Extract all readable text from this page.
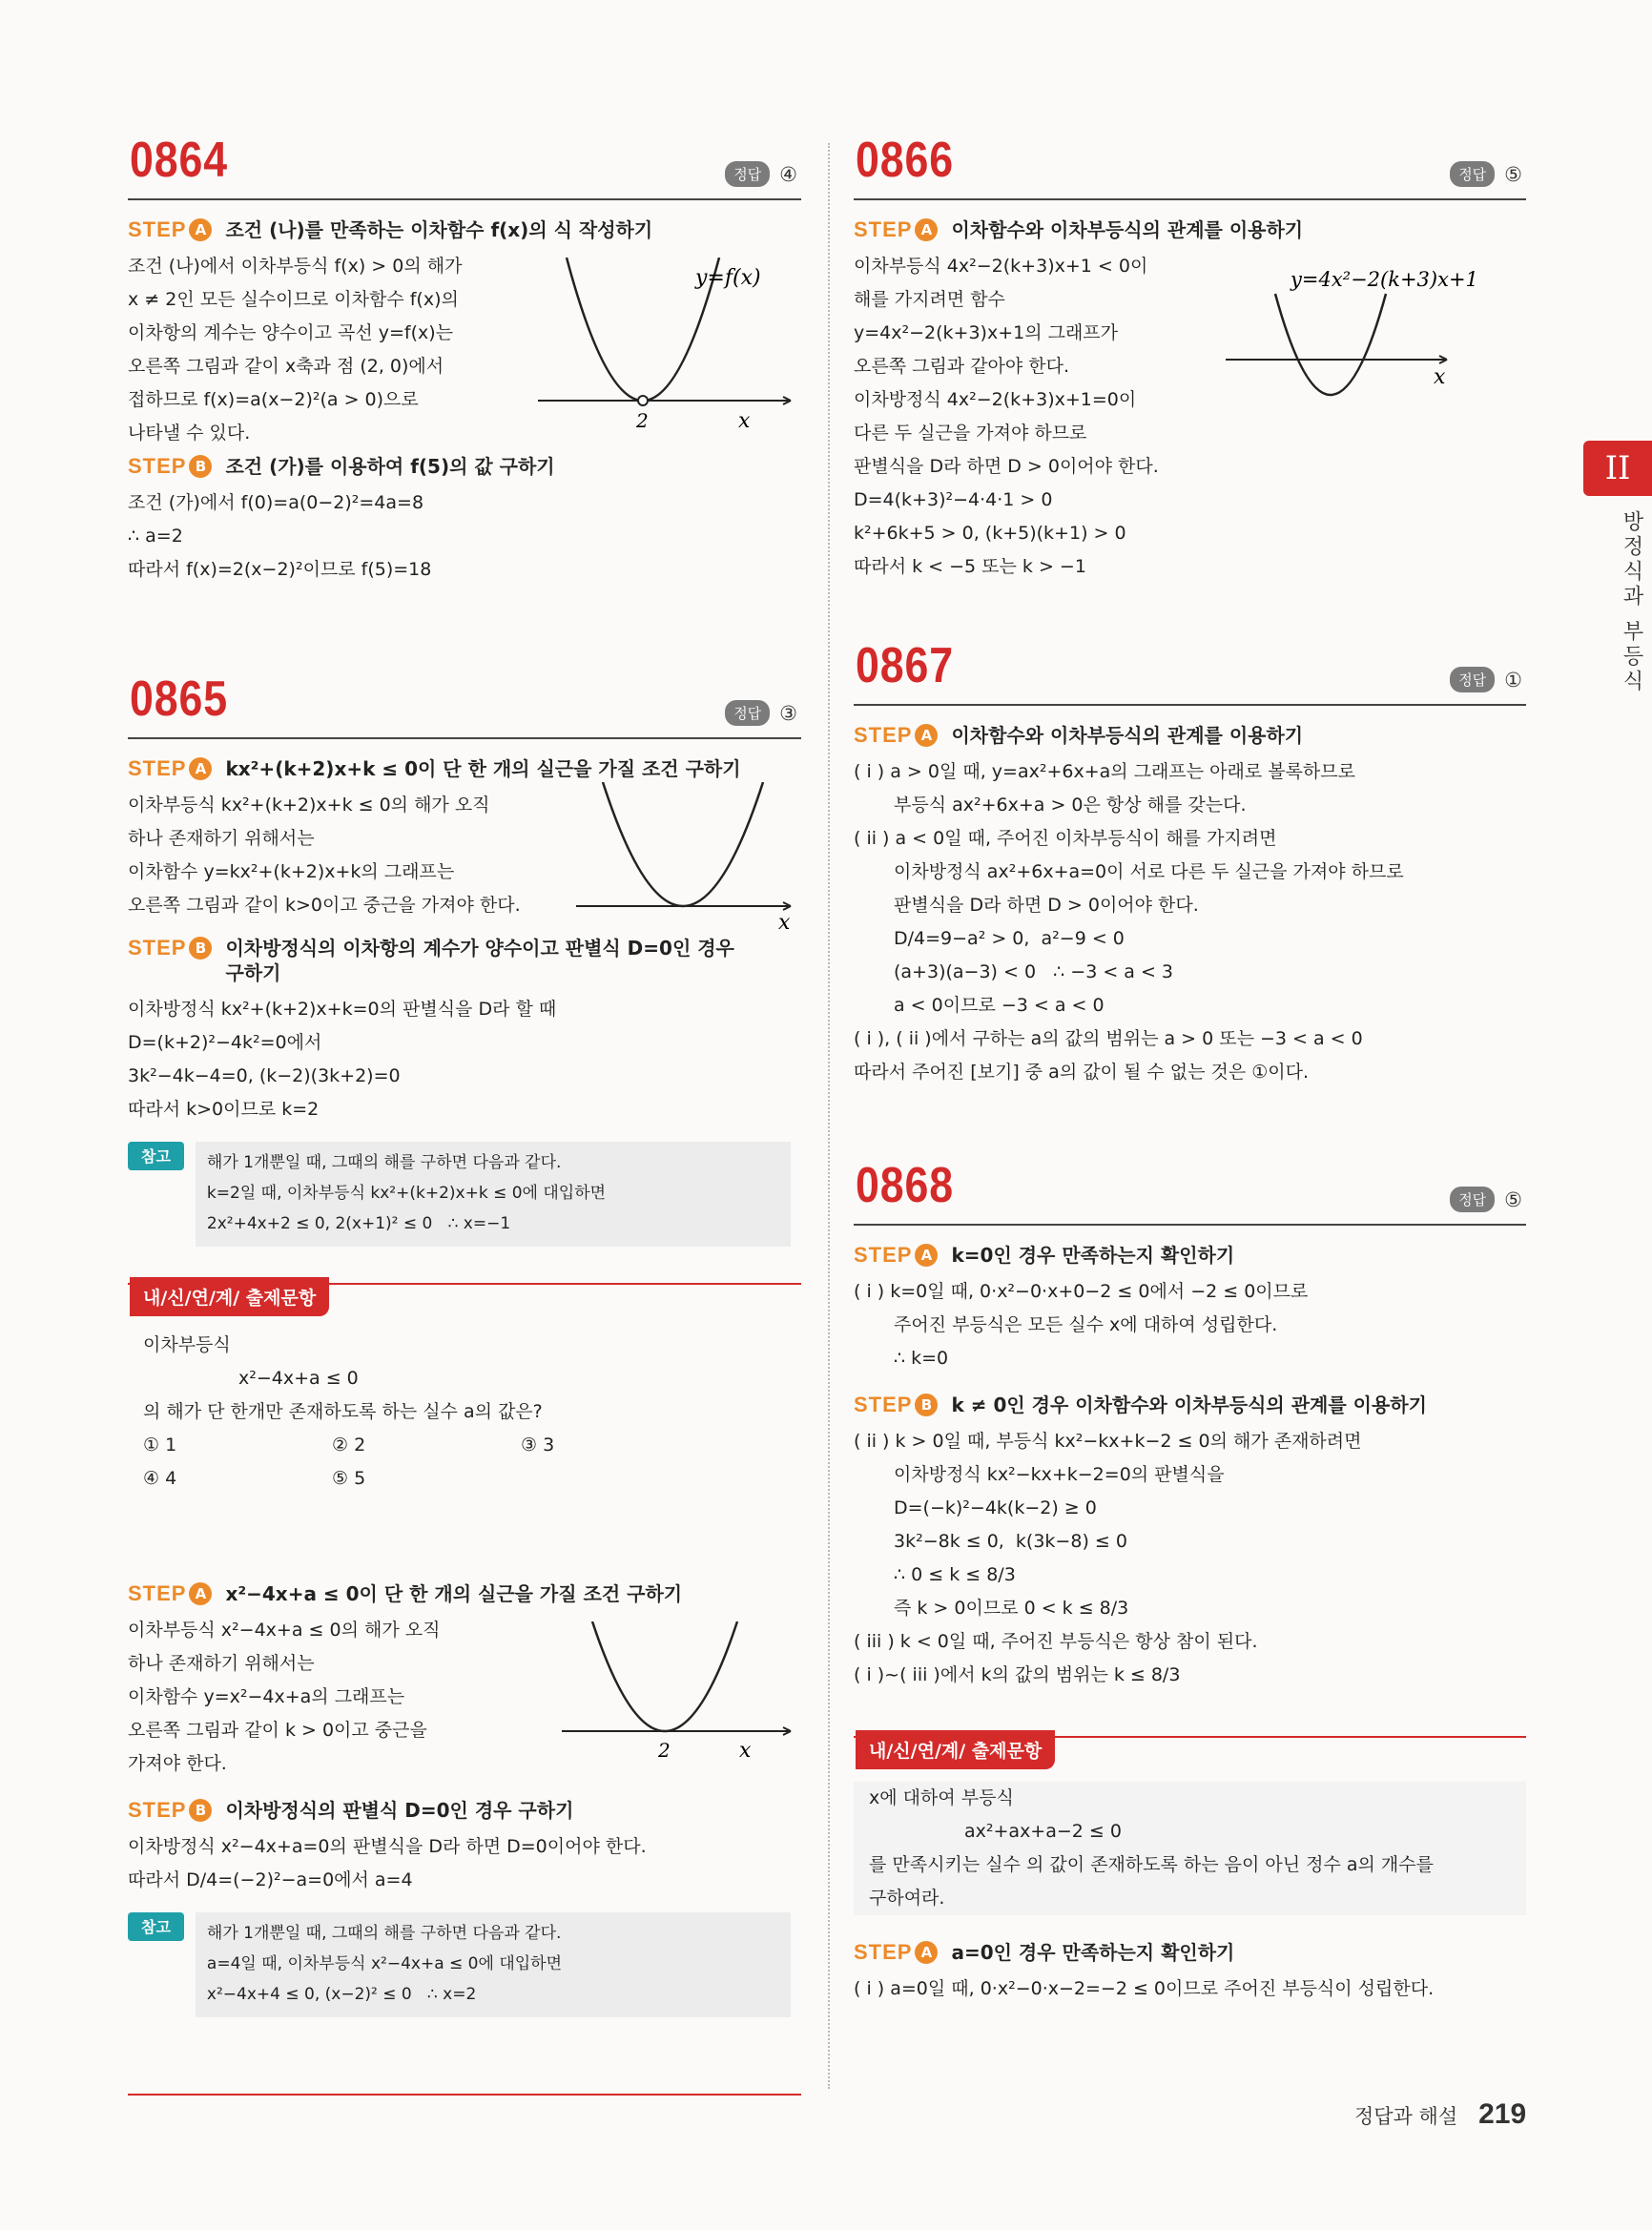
II
방정식과 부등식
0864	정답 ④
STEP A	조건 (나)를 만족하는 이차함수 f(x)의 식 작성하기

조건 (나)에서 이차부등식 f(x) > 0의 해가

x ≠ 2인 모든 실수이므로 이차함수 f(x)의

이차항의 계수는 양수이고 곡선 y=f(x)는

오른쪽 그림과 같이 x축과 점 (2, 0)에서

접하므로 f(x)=a(x−2)²(a > 0)으로

나타낼 수 있다.

2	x
y=f(x)
STEP B	조건 (가)를 이용하여 f(5)의 값 구하기

조건 (가)에서 f(0)=a(0−2)²=4a=8

∴ a=2

따라서 f(x)=2(x−2)²이므로 f(5)=18

0865	정답 ③
STEP A	kx²+(k+2)x+k ≤ 0이 단 한 개의 실근을 가질 조건 구하기

이차부등식 kx²+(k+2)x+k ≤ 0의 해가 오직

하나 존재하기 위해서는

이차함수 y=kx²+(k+2)x+k의 그래프는

오른쪽 그림과 같이 k>0이고 중근을 가져야 한다.

x
STEP B	이차방정식의 이차항의 계수가 양수이고 판별식 D=0인 경우
구하기

이차방정식 kx²+(k+2)x+k=0의 판별식을 D라 할 때

D=(k+2)²−4k²=0에서

3k²−4k−4=0, (k−2)(3k+2)=0

따라서 k>0이므로 k=2

참고	해가 1개뿐일 때, 그때의 해를 구하면 다음과 같다.

k=2일 때, 이차부등식 kx²+(k+2)x+k ≤ 0에 대입하면

2x²+4x+2 ≤ 0, 2(x+1)² ≤ 0   ∴ x=−1

내/신/연/계/ 출제문항

이차부등식

x²−4x+a ≤ 0

의 해가 단 한개만 존재하도록 하는 실수 a의 값은?

① 1	② 2	③ 3

④ 4	⑤ 5

STEP A	x²−4x+a ≤ 0이 단 한 개의 실근을 가질 조건 구하기

이차부등식 x²−4x+a ≤ 0의 해가 오직

하나 존재하기 위해서는

이차함수 y=x²−4x+a의 그래프는

오른쪽 그림과 같이 k > 0이고 중근을

가져야 한다.

2	x
STEP B	이차방정식의 판별식 D=0인 경우 구하기

이차방정식 x²−4x+a=0의 판별식을 D라 하면 D=0이어야 한다.

따라서 D/4=(−2)²−a=0에서 a=4

참고	해가 1개뿐일 때, 그때의 해를 구하면 다음과 같다.

a=4일 때, 이차부등식 x²−4x+a ≤ 0에 대입하면

x²−4x+4 ≤ 0, (x−2)² ≤ 0   ∴ x=2

0866	정답 ⑤
STEP A	이차함수와 이차부등식의 관계를 이용하기

이차부등식 4x²−2(k+3)x+1 < 0이

해를 가지려면 함수

y=4x²−2(k+3)x+1의 그래프가

오른쪽 그림과 같아야 한다.

이차방정식 4x²−2(k+3)x+1=0이

다른 두 실근을 가져야 하므로

판별식을 D라 하면 D > 0이어야 한다.

D=4(k+3)²−4·4·1 > 0

k²+6k+5 > 0, (k+5)(k+1) > 0

따라서 k < −5 또는 k > −1

x
y=4x²−2(k+3)x+1
0867	정답 ①
STEP A	이차함수와 이차부등식의 관계를 이용하기

( i ) a > 0일 때, y=ax²+6x+a의 그래프는 아래로 볼록하므로

부등식 ax²+6x+a > 0은 항상 해를 갖는다.

( ii ) a < 0일 때, 주어진 이차부등식이 해를 가지려면

이차방정식 ax²+6x+a=0이 서로 다른 두 실근을 가져야 하므로

판별식을 D라 하면 D > 0이어야 한다.

D/4=9−a² > 0,  a²−9 < 0

(a+3)(a−3) < 0   ∴ −3 < a < 3

a < 0이므로 −3 < a < 0

( i ), ( ii )에서 구하는 a의 값의 범위는 a > 0 또는 −3 < a < 0

따라서 주어진 [보기] 중 a의 값이 될 수 없는 것은 ①이다.

0868	정답 ⑤
STEP A	k=0인 경우 만족하는지 확인하기

( i ) k=0일 때, 0·x²−0·x+0−2 ≤ 0에서 −2 ≤ 0이므로

주어진 부등식은 모든 실수 x에 대하여 성립한다.

∴ k=0

STEP B	k ≠ 0인 경우 이차함수와 이차부등식의 관계를 이용하기

( ii ) k > 0일 때, 부등식 kx²−kx+k−2 ≤ 0의 해가 존재하려면

이차방정식 kx²−kx+k−2=0의 판별식을

D=(−k)²−4k(k−2) ≥ 0

3k²−8k ≤ 0,  k(3k−8) ≤ 0

∴ 0 ≤ k ≤ 8/3

즉 k > 0이므로 0 < k ≤ 8/3

( iii ) k < 0일 때, 주어진 부등식은 항상 참이 된다.

( i )~( iii )에서 k의 값의 범위는 k ≤ 8/3

내/신/연/계/ 출제문항

x에 대하여 부등식

ax²+ax+a−2 ≤ 0

를 만족시키는 실수 의 값이 존재하도록 하는 음이 아닌 정수 a의 개수를

구하여라.

STEP A	a=0인 경우 만족하는지 확인하기

( i ) a=0일 때, 0·x²−0·x−2=−2 ≤ 0이므로 주어진 부등식이 성립한다.

정답과 해설 219
